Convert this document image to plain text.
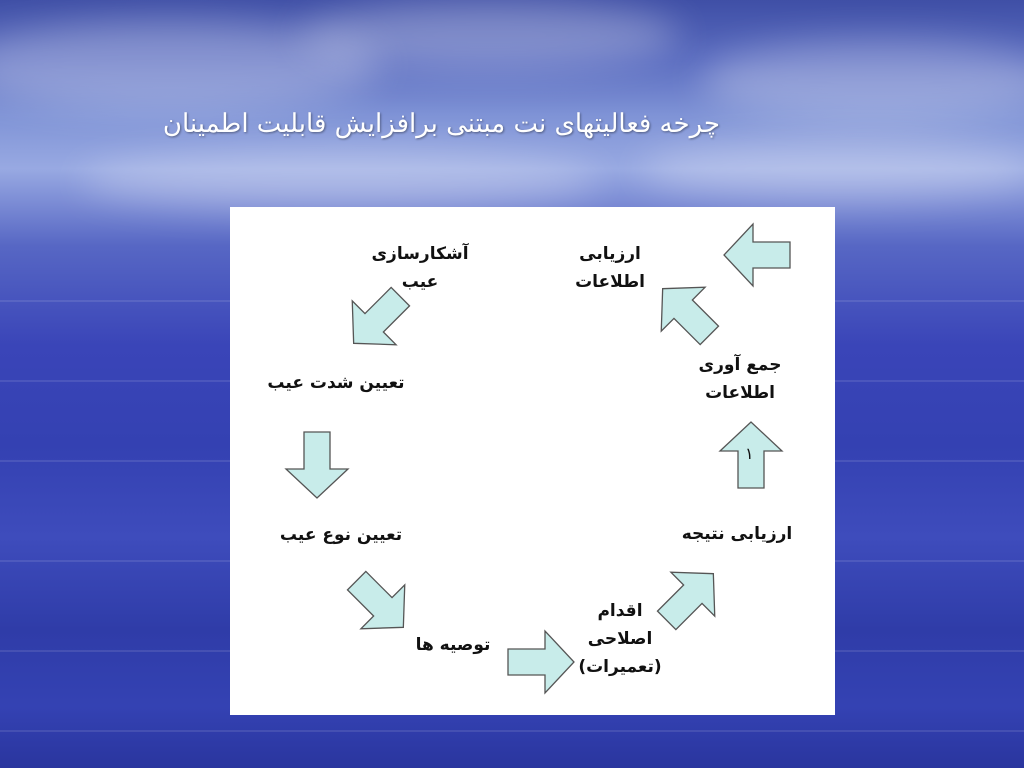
چرخه فعالیتهای نت مبتنی برافزایش قابلیت اطمینان
ارزیابی
اطلاعات
آشکارسازی
عیب
تعیین شدت عیب
تعیین نوع عیب
توصیه ها
اقدام
اصلاحی
(تعمیرات)
ارزیابی نتیجه
جمع آوری
اطلاعات
۱
